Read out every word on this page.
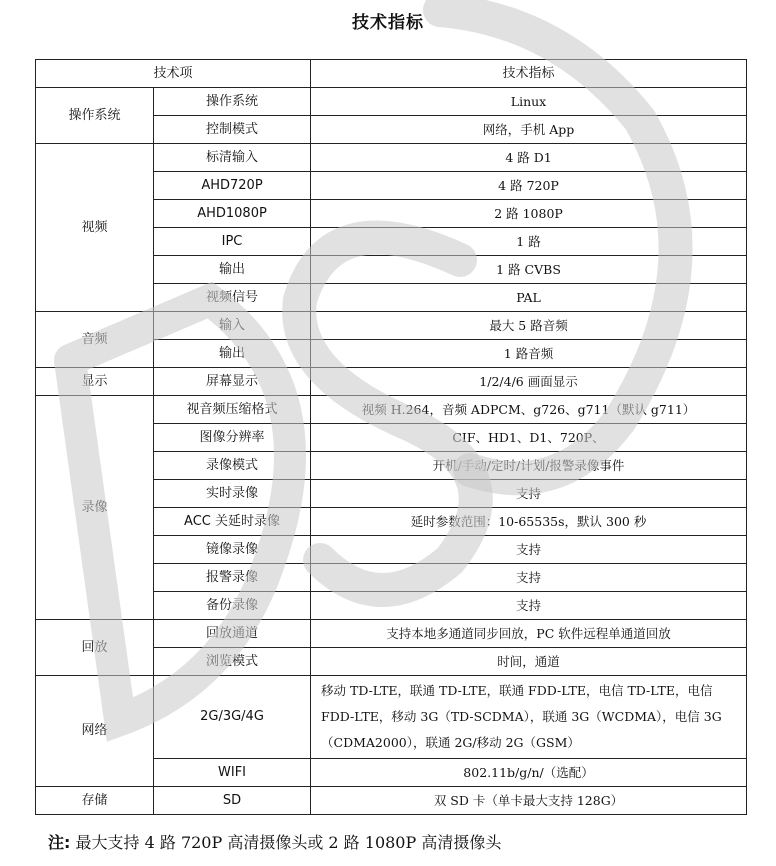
技术指标
技术项		技术指标
操作系统	操作系统	Linux
	控制模式	网络，手机 App
视频	标清输入	4 路 D1
	AHD720P	4 路 720P
	AHD1080P	2 路 1080P
	IPC	1 路
	输出	1 路 CVBS
	视频信号	PAL
音频	输入	最大 5 路音频
	输出	1 路音频
显示	屏幕显示	1/2/4/6 画面显示
录像	视音频压缩格式	视频 H.264，音频 ADPCM、g726、g711（默认 g711）
	图像分辨率	CIF、HD1、D1、720P、
	录像模式	开机/手动/定时/计划/报警录像事件
	实时录像	支持
	ACC 关延时录像	延时参数范围：10-65535s，默认 300 秒
	镜像录像	支持
	报警录像	支持
	备份录像	支持
回放	回放通道	支持本地多通道同步回放，PC 软件远程单通道回放
	浏览模式	时间，通道
网络	2G/3G/4G	移动 TD-LTE，联通 TD-LTE，联通 FDD-LTE，电信 TD-LTE，电信
FDD-LTE，移动 3G（TD-SCDMA），联通 3G（WCDMA），电信 3G
（CDMA2000），联通 2G/移动 2G（GSM）

	WIFI	802.11b/g/n/（选配）
存储	SD	双 SD 卡（单卡最大支持 128G）
注: 最大支持 4 路 720P 高清摄像头或 2 路 1080P 高清摄像头
